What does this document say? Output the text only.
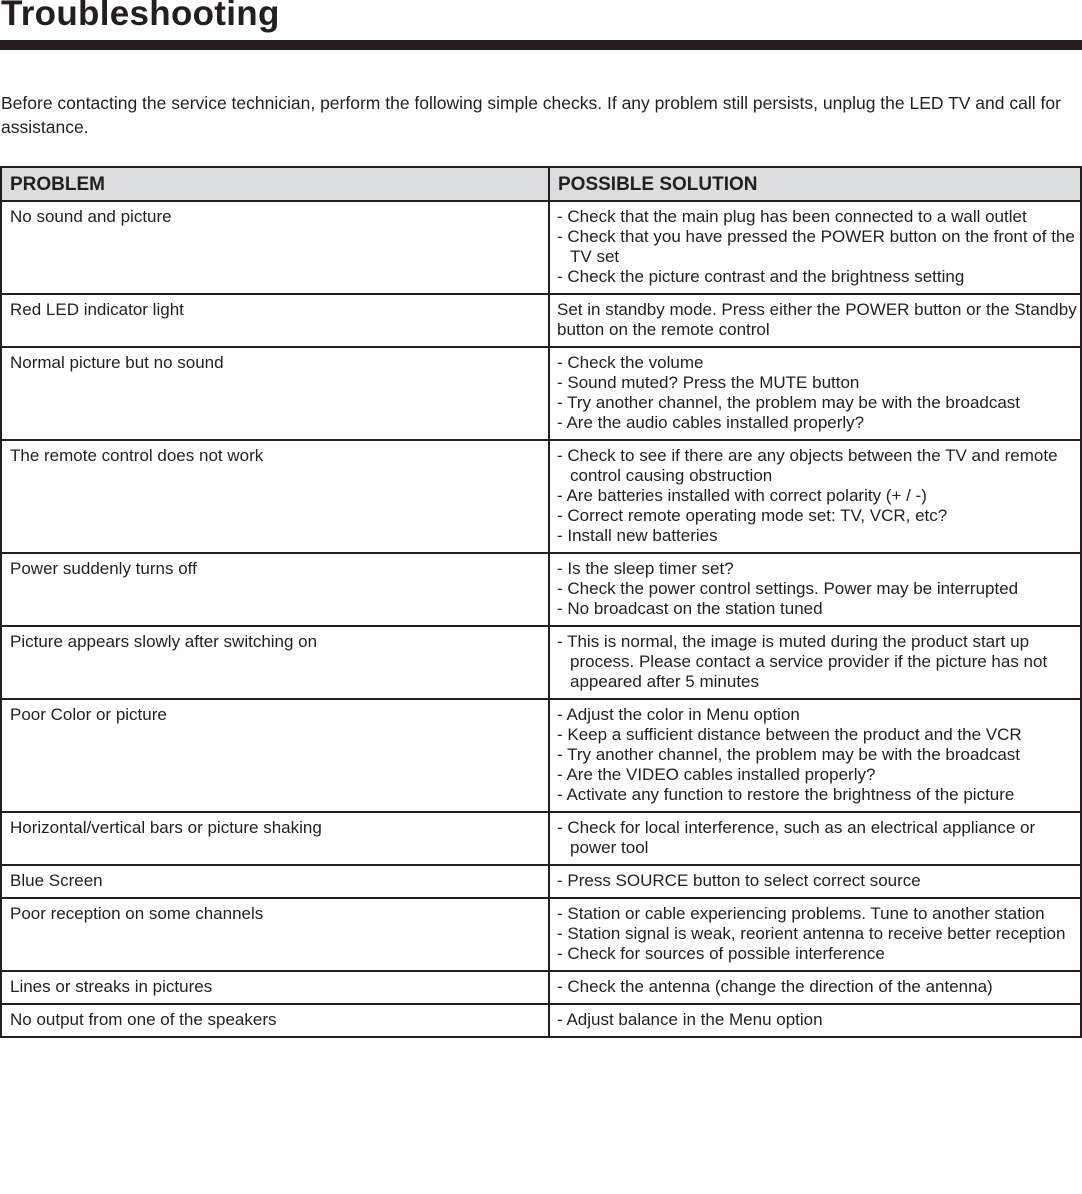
Troubleshooting

Before contacting the service technician, perform the following simple checks. If any problem still persists, unplug the LED TV and call for assistance.

PROBLEM	POSSIBLE SOLUTION
No sound and picture	- Check that the main plug has been connected to a wall outlet
- Check that you have pressed the POWER button on the front of the TV set
- Check the picture contrast and the brightness setting

Red LED indicator light	Set in standby mode. Press either the POWER button or the Standby button on the remote control

Normal picture but no sound	- Check the volume
- Sound muted? Press the MUTE button
- Try another channel, the problem may be with the broadcast
- Are the audio cables installed properly?

The remote control does not work	- Check to see if there are any objects between the TV and remote control causing obstruction
- Are batteries installed with correct polarity (+ / -)
- Correct remote operating mode set: TV, VCR, etc?
- Install new batteries

Power suddenly turns off	- Is the sleep timer set?
- Check the power control settings. Power may be interrupted
- No broadcast on the station tuned

Picture appears slowly after switching on	- This is normal, the image is muted during the product start up process. Please contact a service provider if the picture has not appeared after 5 minutes

Poor Color or picture	- Adjust the color in Menu option
- Keep a sufficient distance between the product and the VCR
- Try another channel, the problem may be with the broadcast
- Are the VIDEO cables installed properly?
- Activate any function to restore the brightness of the picture

Horizontal/vertical bars or picture shaking	- Check for local interference, such as an electrical appliance or power tool

Blue Screen	- Press SOURCE button to select correct source

Poor reception on some channels	- Station or cable experiencing problems. Tune to another station
- Station signal is weak, reorient antenna to receive better reception
- Check for sources of possible interference

Lines or streaks in pictures	- Check the antenna (change the direction of the antenna)

No output from one of the speakers	- Adjust balance in the Menu option
